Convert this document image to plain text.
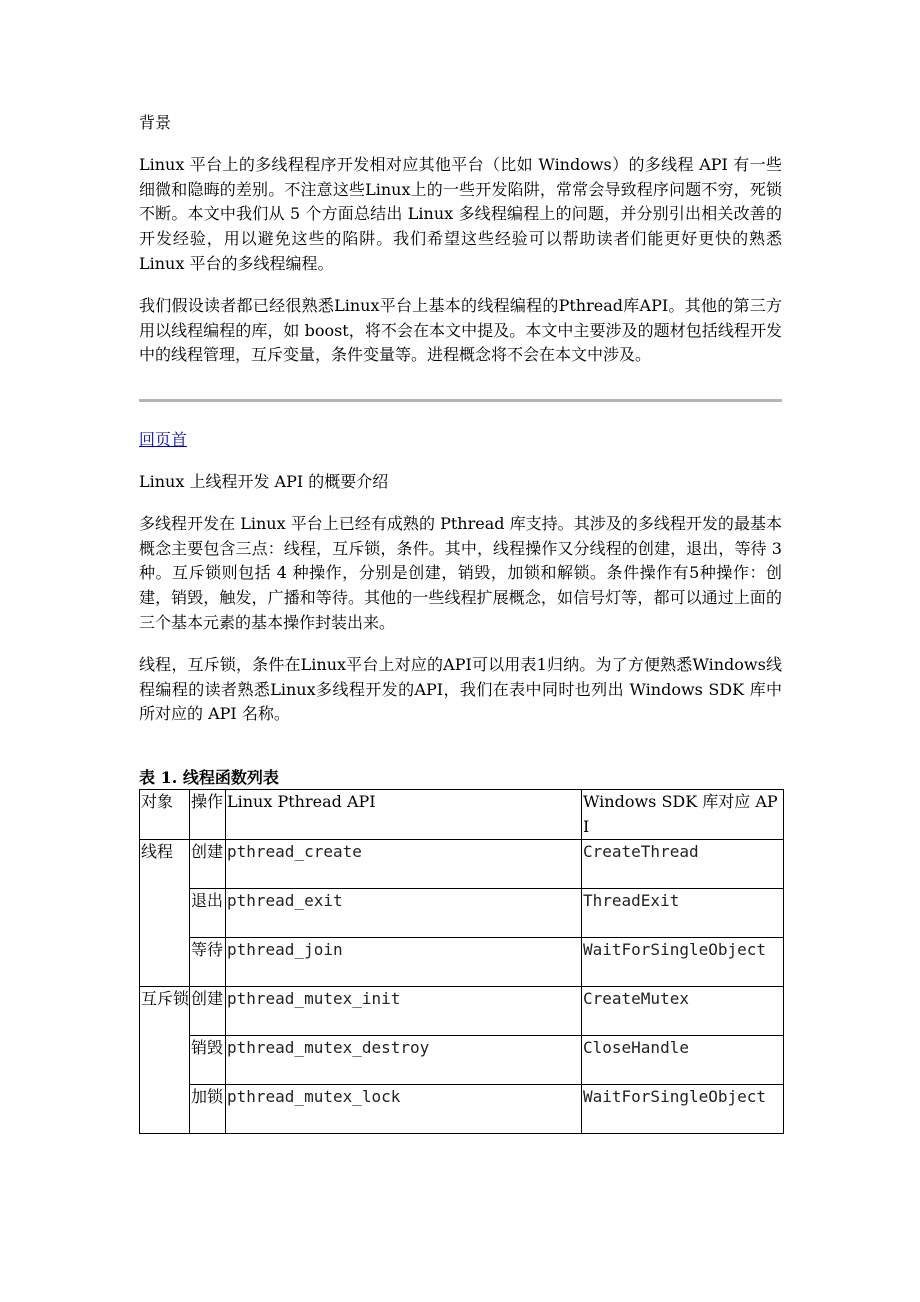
背景

Linux 平台上的多线程程序开发相对应其他平台（比如 Windows）的多线程 API 有一些细微和隐晦的差别。不注意这些Linux上的一些开发陷阱，常常会导致程序问题不穷，死锁不断。本文中我们从 5 个方面总结出 Linux 多线程编程上的问题，并分别引出相关改善的开发经验，用以避免这些的陷阱。我们希望这些经验可以帮助读者们能更好更快的熟悉 Linux 平台的多线程编程。

我们假设读者都已经很熟悉Linux平台上基本的线程编程的Pthread库API。其他的第三方用以线程编程的库，如 boost，将不会在本文中提及。本文中主要涉及的题材包括线程开发中的线程管理，互斥变量，条件变量等。进程概念将不会在本文中涉及。

回页首

Linux 上线程开发 API 的概要介绍

多线程开发在 Linux 平台上已经有成熟的 Pthread 库支持。其涉及的多线程开发的最基本概念主要包含三点：线程，互斥锁，条件。其中，线程操作又分线程的创建，退出，等待 3 种。互斥锁则包括 4 种操作，分别是创建，销毁，加锁和解锁。条件操作有5种操作：创建，销毁，触发，广播和等待。其他的一些线程扩展概念，如信号灯等，都可以通过上面的三个基本元素的基本操作封装出来。

线程，互斥锁，条件在Linux平台上对应的API可以用表1归纳。为了方便熟悉Windows线程编程的读者熟悉Linux多线程开发的API，我们在表中同时也列出 Windows SDK 库中所对应的 API 名称。

表 1. 线程函数列表
对象	操作	Linux Pthread API	Windows SDK 库对应 API
线程	创建	pthread_create	CreateThread
	退出	pthread_exit	ThreadExit
	等待	pthread_join	WaitForSingleObject
互斥锁	创建	pthread_mutex_init	CreateMutex
	销毁	pthread_mutex_destroy	CloseHandle
	加锁	pthread_mutex_lock	WaitForSingleObject
